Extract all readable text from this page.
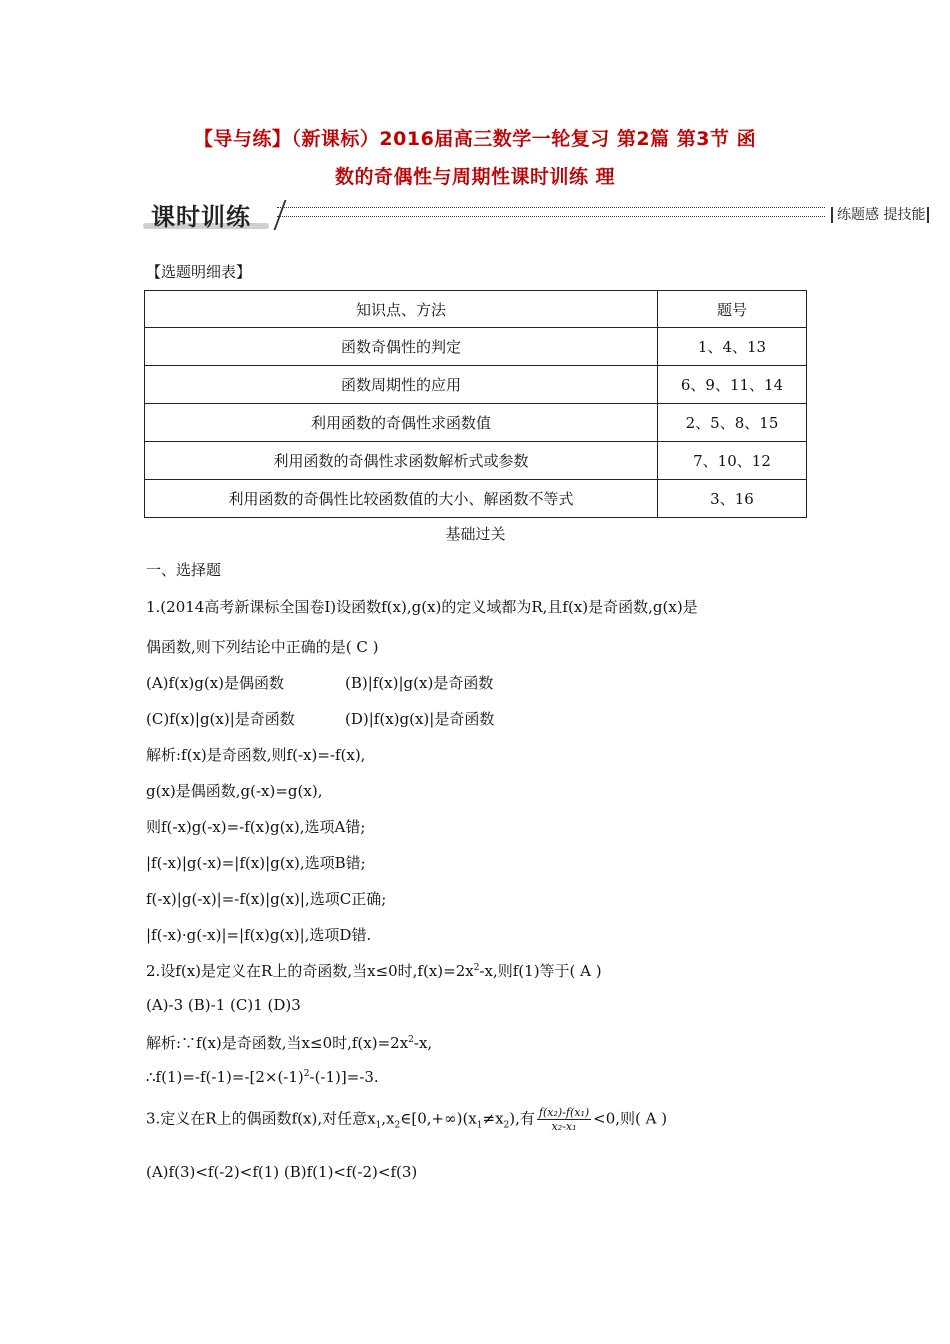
【导与练】（新课标）2016届高三数学一轮复习 第2篇 第3节 函
数的奇偶性与周期性课时训练 理
课时训练	练题感 提技能
【选题明细表】
知识点、方法	题号
函数奇偶性的判定	1、4、13
函数周期性的应用	6、9、11、14
利用函数的奇偶性求函数值	2、5、8、15
利用函数的奇偶性求函数解析式或参数	7、10、12
利用函数的奇偶性比较函数值的大小、解函数不等式	3、16
基础过关
一、选择题
1.(2014高考新课标全国卷Ⅰ)设函数f(x),g(x)的定义域都为R,且f(x)是奇函数,g(x)是
偶函数,则下列结论中正确的是( C )
(A)f(x)g(x)是偶函数	(B)|f(x)|g(x)是奇函数
(C)f(x)|g(x)|是奇函数	(D)|f(x)g(x)|是奇函数
解析:f(x)是奇函数,则f(-x)=-f(x),
g(x)是偶函数,g(-x)=g(x),
则f(-x)g(-x)=-f(x)g(x),选项A错;
|f(-x)|g(-x)=|f(x)|g(x),选项B错;
f(-x)|g(-x)|=-f(x)|g(x)|,选项C正确;
|f(-x)·g(-x)|=|f(x)g(x)|,选项D错.
2.设f(x)是定义在R上的奇函数,当x≤0时$,f(x)=2x^2-x$,则f(1)等于( A )
(A)-3 (B)-1 (C)1 (D)3
解析:∵f(x)是奇函数,当x≤0时$,f(x)=2x^2-x$,
$\therefore f(1)=-f(-1)=-[2\times(-1)^2-(-1)]=-3$.
3.定义在R上的偶函数f(x),对任意$x_1,x_2\in[0,+\infty)(x_1\ne x_2)$,有 $\frac{\text{f(x₂)-f(x₁)}}{\text{x₂-x₁}} <0$,则( A )
(A)f(3)<f(-2)<f(1) (B)f(1)<f(-2)<f(3)
